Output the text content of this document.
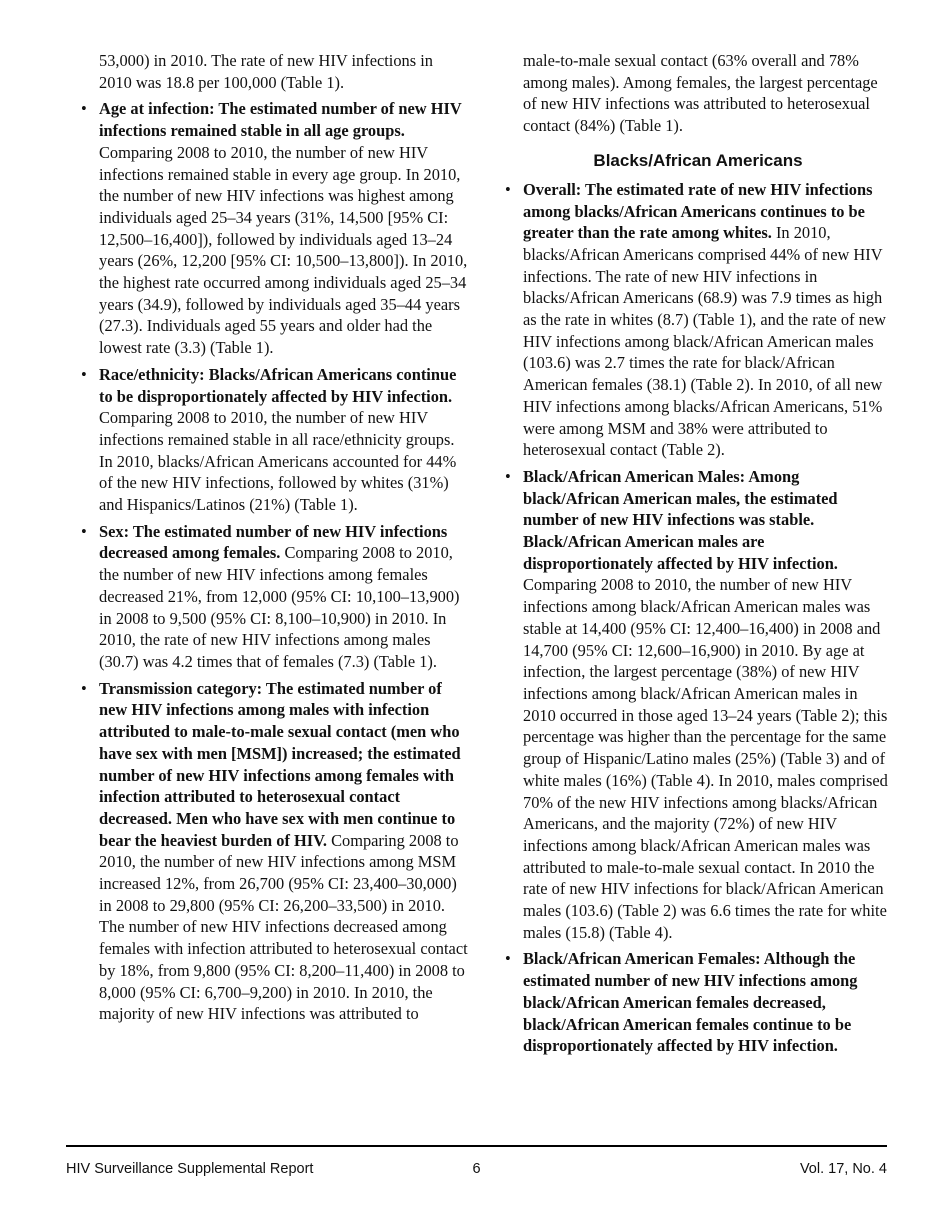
53,000) in 2010. The rate of new HIV infections in 2010 was 18.8 per 100,000 (Table 1).

• Age at infection: The estimated number of new HIV infections remained stable in all age groups. Comparing 2008 to 2010, the number of new HIV infections remained stable in every age group. In 2010, the number of new HIV infections was highest among individuals aged 25–34 years (31%, 14,500 [95% CI: 12,500–16,400]), followed by individuals aged 13–24 years (26%, 12,200 [95% CI: 10,500–13,800]). In 2010, the highest rate occurred among individuals aged 25–34 years (34.9), followed by individuals aged 35–44 years (27.3). Individuals aged 55 years and older had the lowest rate (3.3) (Table 1).
• Race/ethnicity: Blacks/African Americans continue to be disproportionately affected by HIV infection. Comparing 2008 to 2010, the number of new HIV infections remained stable in all race/ethnicity groups. In 2010, blacks/African Americans accounted for 44% of the new HIV infections, followed by whites (31%) and Hispanics/Latinos (21%) (Table 1).
• Sex: The estimated number of new HIV infections decreased among females. Comparing 2008 to 2010, the number of new HIV infections among females decreased 21%, from 12,000 (95% CI: 10,100–13,900) in 2008 to 9,500 (95% CI: 8,100–10,900) in 2010. In 2010, the rate of new HIV infections among males (30.7) was 4.2 times that of females (7.3) (Table 1).
• Transmission category: The estimated number of new HIV infections among males with infection attributed to male-to-male sexual contact (men who have sex with men [MSM]) increased; the estimated number of new HIV infections among females with infection attributed to heterosexual contact decreased. Men who have sex with men continue to bear the heaviest burden of HIV. Comparing 2008 to 2010, the number of new HIV infections among MSM increased 12%, from 26,700 (95% CI: 23,400–30,000) in 2008 to 29,800 (95% CI: 26,200–33,500) in 2010. The number of new HIV infections decreased among females with infection attributed to heterosexual contact by 18%, from 9,800 (95% CI: 8,200–11,400) in 2008 to 8,000 (95% CI: 6,700–9,200) in 2010. In 2010, the majority of new HIV infections was attributed to

male-to-male sexual contact (63% overall and 78% among males). Among females, the largest percentage of new HIV infections was attributed to heterosexual contact (84%) (Table 1).

Blacks/African Americans
• Overall: The estimated rate of new HIV infections among blacks/African Americans continues to be greater than the rate among whites. In 2010, blacks/African Americans comprised 44% of new HIV infections. The rate of new HIV infections in blacks/African Americans (68.9) was 7.9 times as high as the rate in whites (8.7) (Table 1), and the rate of new HIV infections among black/African American males (103.6) was 2.7 times the rate for black/African American females (38.1) (Table 2). In 2010, of all new HIV infections among blacks/African Americans, 51% were among MSM and 38% were attributed to heterosexual contact (Table 2).
• Black/African American Males: Among black/African American males, the estimated number of new HIV infections was stable. Black/African American males are disproportionately affected by HIV infection. Comparing 2008 to 2010, the number of new HIV infections among black/African American males was stable at 14,400 (95% CI: 12,400–16,400) in 2008 and 14,700 (95% CI: 12,600–16,900) in 2010. By age at infection, the largest percentage (38%) of new HIV infections among black/African American males in 2010 occurred in those aged 13–24 years (Table 2); this percentage was higher than the percentage for the same group of Hispanic/Latino males (25%) (Table 3) and of white males (16%) (Table 4). In 2010, males comprised 70% of the new HIV infections among blacks/African Americans, and the majority (72%) of new HIV infections among black/African American males was attributed to male-to-male sexual contact. In 2010 the rate of new HIV infections for black/African American males (103.6) (Table 2) was 6.6 times the rate for white males (15.8) (Table 4).
• Black/African American Females: Although the estimated number of new HIV infections among black/African American females decreased, black/African American females continue to be disproportionately affected by HIV infection.
HIV Surveillance Supplemental Report	6	Vol. 17, No. 4
